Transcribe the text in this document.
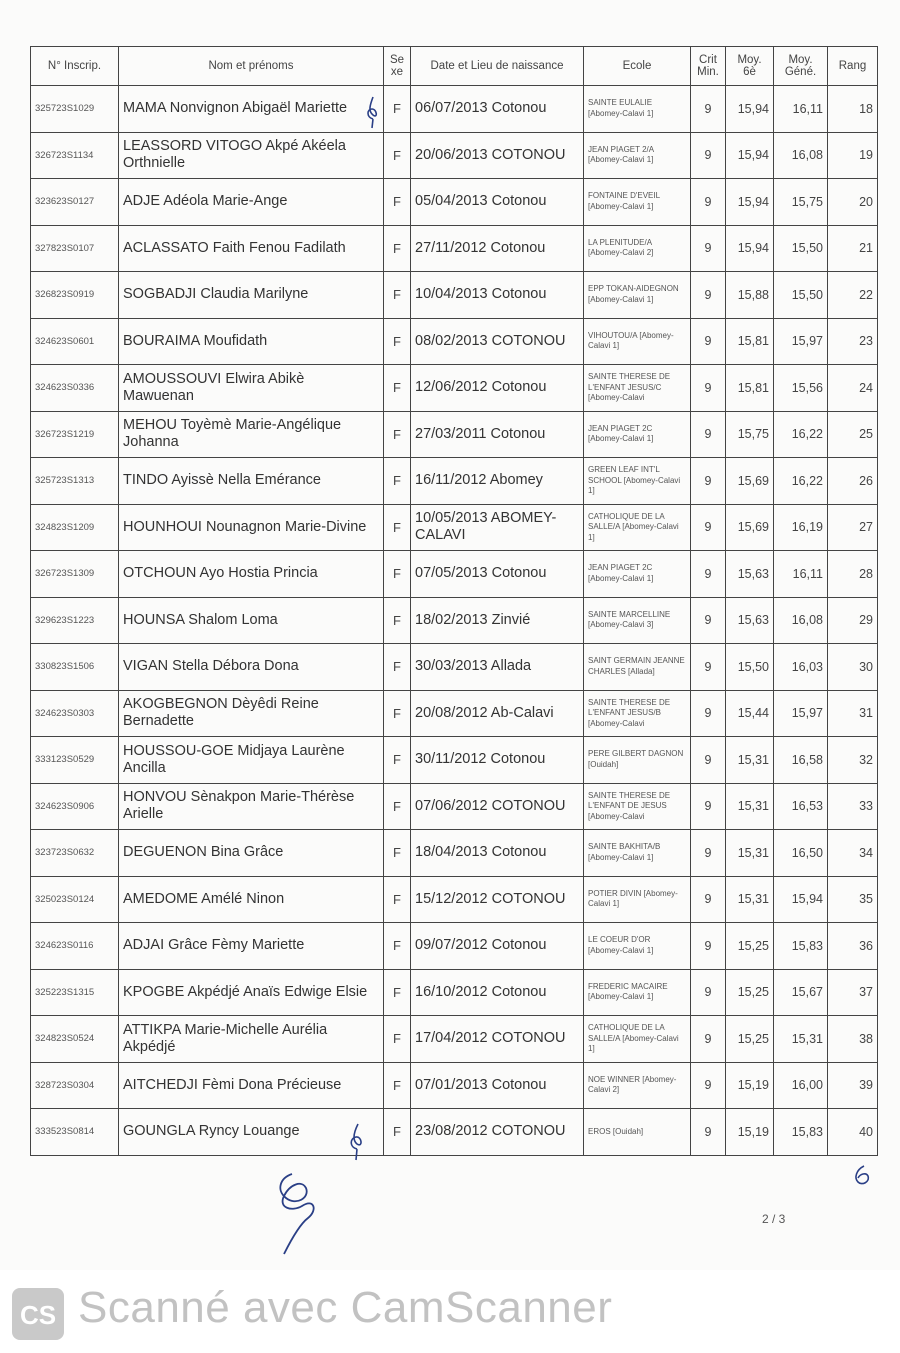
N° Inscrip.	Nom et prénoms	Se xe	Date et Lieu de naissance	Ecole	Crit Min.	Moy. 6è	Moy. Géné.	Rang
325723S1029	MAMA Nonvignon Abigaël Mariette	F	06/07/2013 Cotonou	SAINTE EULALIE [Abomey-Calavi 1]	9	15,94	16,11	18
326723S1134	LEASSORD VITOGO Akpé Akéela Orthnielle	F	20/06/2013 COTONOU	JEAN PIAGET 2/A [Abomey-Calavi 1]	9	15,94	16,08	19
323623S0127	ADJE Adéola Marie-Ange	F	05/04/2013 Cotonou	FONTAINE D'EVEIL [Abomey-Calavi 1]	9	15,94	15,75	20
327823S0107	ACLASSATO Faith Fenou Fadilath	F	27/11/2012 Cotonou	LA PLENITUDE/A [Abomey-Calavi 2]	9	15,94	15,50	21
326823S0919	SOGBADJI Claudia Marilyne	F	10/04/2013 Cotonou	EPP TOKAN-AIDEGNON [Abomey-Calavi 1]	9	15,88	15,50	22
324623S0601	BOURAIMA Moufidath	F	08/02/2013 COTONOU	VIHOUTOU/A [Abomey-Calavi 1]	9	15,81	15,97	23
324623S0336	AMOUSSOUVI Elwira Abikè Mawuenan	F	12/06/2012 Cotonou	SAINTE THERESE DE L'ENFANT JESUS/C [Abomey-Calavi	9	15,81	15,56	24
326723S1219	MEHOU Toyèmè Marie-Angélique Johanna	F	27/03/2011 Cotonou	JEAN PIAGET 2C [Abomey-Calavi 1]	9	15,75	16,22	25
325723S1313	TINDO Ayissè Nella Emérance	F	16/11/2012 Abomey	GREEN LEAF INT'L SCHOOL [Abomey-Calavi 1]	9	15,69	16,22	26
324823S1209	HOUNHOUI Nounagnon Marie-Divine	F	10/05/2013 ABOMEY-CALAVI	CATHOLIQUE DE LA SALLE/A [Abomey-Calavi 1]	9	15,69	16,19	27
326723S1309	OTCHOUN Ayo Hostia Princia	F	07/05/2013 Cotonou	JEAN PIAGET 2C [Abomey-Calavi 1]	9	15,63	16,11	28
329623S1223	HOUNSA Shalom Loma	F	18/02/2013 Zinvié	SAINTE MARCELLINE [Abomey-Calavi 3]	9	15,63	16,08	29
330823S1506	VIGAN Stella Débora Dona	F	30/03/2013 Allada	SAINT GERMAIN JEANNE CHARLES [Allada]	9	15,50	16,03	30
324623S0303	AKOGBEGNON Dèyêdi Reine Bernadette	F	20/08/2012 Ab-Calavi	SAINTE THERESE DE L'ENFANT JESUS/B [Abomey-Calavi	9	15,44	15,97	31
333123S0529	HOUSSOU-GOE Midjaya Laurène Ancilla	F	30/11/2012 Cotonou	PERE GILBERT DAGNON [Ouidah]	9	15,31	16,58	32
324623S0906	HONVOU Sènakpon Marie-Thérèse Arielle	F	07/06/2012 COTONOU	SAINTE THERESE DE L'ENFANT DE JESUS [Abomey-Calavi	9	15,31	16,53	33
323723S0632	DEGUENON Bina Grâce	F	18/04/2013 Cotonou	SAINTE BAKHITA/B [Abomey-Calavi 1]	9	15,31	16,50	34
325023S0124	AMEDOME Amélé Ninon	F	15/12/2012 COTONOU	POTIER DIVIN [Abomey-Calavi 1]	9	15,31	15,94	35
324623S0116	ADJAI Grâce Fèmy Mariette	F	09/07/2012 Cotonou	LE COEUR D'OR [Abomey-Calavi 1]	9	15,25	15,83	36
325223S1315	KPOGBE Akpédjé Anaïs Edwige Elsie	F	16/10/2012 Cotonou	FREDERIC MACAIRE [Abomey-Calavi 1]	9	15,25	15,67	37
324823S0524	ATTIKPA Marie-Michelle Aurélia Akpédjé	F	17/04/2012 COTONOU	CATHOLIQUE DE LA SALLE/A [Abomey-Calavi 1]	9	15,25	15,31	38
328723S0304	AITCHEDJI Fèmi Dona Précieuse	F	07/01/2013 Cotonou	NOE WINNER [Abomey-Calavi 2]	9	15,19	16,00	39
333523S0814	GOUNGLA Ryncy Louange	F	23/08/2012 COTONOU	EROS [Ouidah]	9	15,19	15,83	40
2 / 3
CS Scanné avec CamScanner
